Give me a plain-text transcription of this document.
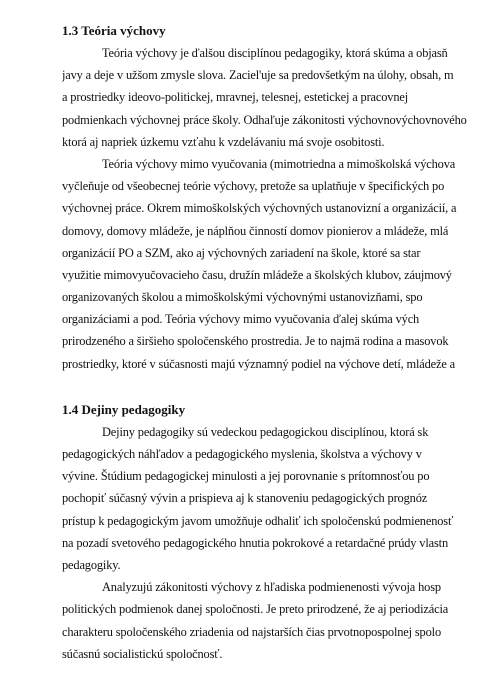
1.3 Teória výchovy
Teória výchovy je ďalšou disciplínou pedagogiky, ktorá skúma a objasň
javy a deje v užšom zmysle slova. Zaciel'uje sa predovšetkým na úlohy, obsah, m
a prostriedky ideovo-politickej, mravnej, telesnej, estetickej a pracovnej
podmienkach výchovnej práce školy. Odhaľuje zákonitosti výchovnovýchovnového
ktorá aj napriek úzkemu vzťahu k vzdelávaniu má svoje osobitosti.
Teória výchovy mimo vyučovania (mimotriedna a mimoškolská výchova
vyčleňuje od všeobecnej teórie výchovy, pretože sa uplatňuje v špecifických po
výchovnej práce. Okrem mimoškolských výchovných ustanovizní a organizácií, a
domovy, domovy mládeže, je náplňou činností domov pionierov a mládeže, mlá
organizácií PO a SZM, ako aj výchovných zariadení na škole, ktoré sa star
využitie mimovyučovacieho času, družín mládeže a školských klubov, záujmový
organizovaných školou a mimoškolskými výchovnými ustanovizňami, spo
organizáciami a pod. Teória výchovy mimo vyučovania ďalej skúma vých
prirodzeného a širšieho spoločenského prostredia. Je to najmä rodina a masovok
prostriedky, ktoré v súčasnosti majú významný podiel na výchove detí, mládeže a
1.4 Dejiny pedagogiky
Dejiny pedagogiky sú vedeckou pedagogickou disciplínou, ktorá sk
pedagogických náhľadov a pedagogického myslenia, školstva a výchovy v
vývine. Štúdium pedagogickej minulosti a jej porovnanie s prítomnosťou po
pochopiť súčasný vývin a prispieva aj k stanoveniu pedagogických prognóz
prístup k pedagogickým javom umožňuje odhaliť ich spoločenskú podmienenosť
na pozadí svetového pedagogického hnutia pokrokové a retardačné prúdy vlastn
pedagogiky.
Analyzujú zákonitosti výchovy z hľadiska podmienenosti vývoja hosp
politických podmienok danej spoločnosti. Je preto prirodzené, že aj periodizácia
charakteru spoločenského zriadenia od najstarších čias prvotnopospolnej spolo
súčasnú socialistickú spoločnosť.
